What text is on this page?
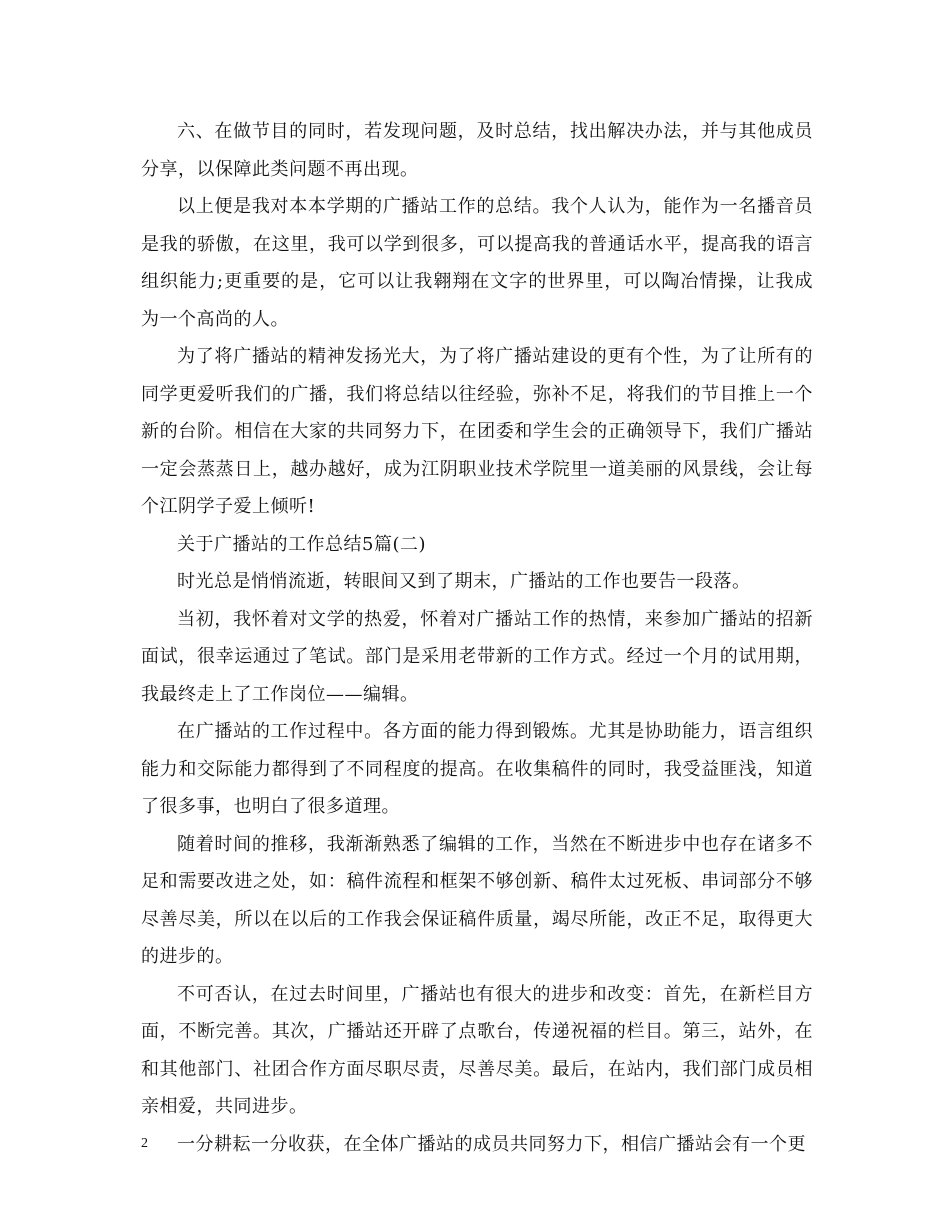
六、在做节目的同时，若发现问题，及时总结，找出解决办法，并与其他成员分享，以保障此类问题不再出现。

以上便是我对本本学期的广播站工作的总结。我个人认为，能作为一名播音员是我的骄傲，在这里，我可以学到很多，可以提高我的普通话水平，提高我的语言组织能力;更重要的是，它可以让我翱翔在文字的世界里，可以陶冶情操，让我成为一个高尚的人。

为了将广播站的精神发扬光大，为了将广播站建设的更有个性，为了让所有的同学更爱听我们的广播，我们将总结以往经验，弥补不足，将我们的节目推上一个新的台阶。相信在大家的共同努力下，在团委和学生会的正确领导下，我们广播站一定会蒸蒸日上，越办越好，成为江阴职业技术学院里一道美丽的风景线，会让每个江阴学子爱上倾听!

关于广播站的工作总结5篇(二)

时光总是悄悄流逝，转眼间又到了期末，广播站的工作也要告一段落。

当初，我怀着对文学的热爱，怀着对广播站工作的热情，来参加广播站的招新面试，很幸运通过了笔试。部门是采用老带新的工作方式。经过一个月的试用期，我最终走上了工作岗位——编辑。

在广播站的工作过程中。各方面的能力得到锻炼。尤其是协助能力，语言组织能力和交际能力都得到了不同程度的提高。在收集稿件的同时，我受益匪浅，知道了很多事，也明白了很多道理。

随着时间的推移，我渐渐熟悉了编辑的工作，当然在不断进步中也存在诸多不足和需要改进之处，如：稿件流程和框架不够创新、稿件太过死板、串词部分不够尽善尽美，所以在以后的工作我会保证稿件质量，竭尽所能，改正不足，取得更大的进步的。

不可否认，在过去时间里，广播站也有很大的进步和改变：首先，在新栏目方面，不断完善。其次，广播站还开辟了点歌台，传递祝福的栏目。第三，站外，在和其他部门、社团合作方面尽职尽责，尽善尽美。最后，在站内，我们部门成员相亲相爱，共同进步。

一分耕耘一分收获，在全体广播站的成员共同努力下，相信广播站会有一个更

2
